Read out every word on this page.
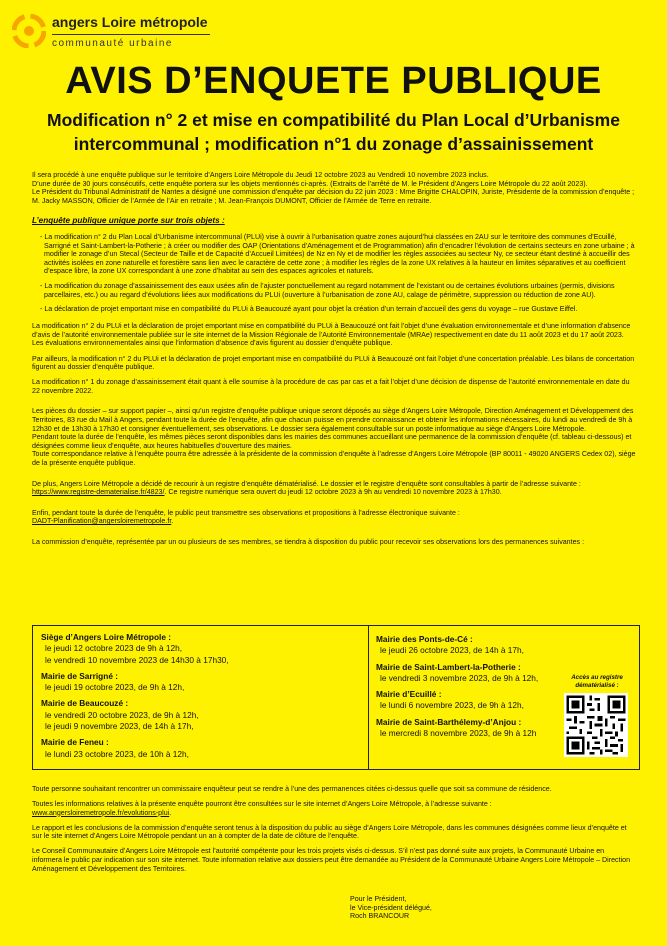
angers Loire métropole
communauté urbaine
AVIS D’ENQUETE PUBLIQUE
Modification n° 2 et mise en compatibilité du Plan Local d’Urbanisme intercommunal ; modification n°1 du zonage d’assainissement

Il sera procédé à une enquête publique sur le territoire d’Angers Loire Métropole du Jeudi 12 octobre 2023 au Vendredi 10 novembre 2023 inclus.

D’une durée de 30 jours consécutifs, cette enquête portera sur les objets mentionnés ci-après. (Extraits de l’arrêté de M. le Président d’Angers Loire Métropole du 22 août 2023).

Le Président du Tribunal Administratif de Nantes a désigné une commission d’enquête par décision du 22 juin 2023 : Mme Brigitte CHALOPIN, Juriste, Présidente de la commission d’enquête ; M. Jacky MASSON, Officier de l’Armée de l’Air en retraite ; M. Jean-François DUMONT, Officier de l’Armée de Terre en retraite.

L’enquête publique unique porte sur trois objets :

- La modification n° 2 du Plan Local d’Urbanisme intercommunal (PLUi) vise à ouvrir à l’urbanisation quatre zones aujourd’hui classées en 2AU sur le territoire des communes d’Ecuillé, Sarrigné et Saint-Lambert-la-Potherie ; à créer ou modifier des OAP (Orientations d’Aménagement et de Programmation) afin d’encadrer l’évolution de certains secteurs en zone urbaine ; à modifier le zonage d’un Stecal (Secteur de Taille et de Capacité d’Accueil Limitées) de Nz en Ny et de modifier les règles associées au secteur Ny, ce secteur étant destiné à accueillir des activités isolées en zone naturelle et forestière sans lien avec le caractère de cette zone ; à modifier les règles de la zone UX relatives à la hauteur en limites séparatives et au coefficient d’espace libre, la zone UX correspondant à une zone d’habitat au sein des espaces agricoles et naturels.
- La modification du zonage d’assainissement des eaux usées afin de l’ajuster ponctuellement au regard notamment de l’existant ou de certaines évolutions urbaines (permis, divisions parcellaires, etc.) ou au regard d’évolutions liées aux modifications du PLUi (ouverture à l’urbanisation de zone AU, calage de périmètre, suppression ou réduction de zone AU).
- La déclaration de projet emportant mise en compatibilité du PLUi à Beaucouzé ayant pour objet la création d’un terrain d’accueil des gens du voyage – rue Gustave Eiffel.

La modification n° 2 du PLUi et la déclaration de projet emportant mise en compatibilité du PLUi à Beaucouzé ont fait l’objet d’une évaluation environnementale et d’une information d’absence d’avis de l’autorité environnementale publiée sur le site internet de la Mission Régionale de l’Autorité Environnementale (MRAe) respectivement en date du 11 août 2023 et du 17 août 2023. Les évaluations environnementales ainsi que l’information d’absence d’avis figurent au dossier d’enquête publique.

Par ailleurs, la modification n° 2 du PLUi et la déclaration de projet emportant mise en compatibilité du PLUi à Beaucouzé ont fait l’objet d’une concertation préalable. Les bilans de concertation figurent au dossier d’enquête publique.

La modification n° 1 du zonage d’assainissement était quant à elle soumise à la procédure de cas par cas et a fait l’objet d’une décision de dispense de l’autorité environnementale en date du 22 novembre 2022.

Les pièces du dossier – sur support papier –, ainsi qu’un registre d’enquête publique unique seront déposés au siège d’Angers Loire Métropole, Direction Aménagement et Développement des Territoires, 83 rue du Mail à Angers, pendant toute la durée de l’enquête, afin que chacun puisse en prendre connaissance et obtenir les informations nécessaires, du lundi au vendredi de 9h à 12h30 et de 13h30 à 17h30 et consigner éventuellement, ses observations. Le dossier sera également consultable sur un poste informatique au siège d’Angers Loire Métropole.
Pendant toute la durée de l’enquête, les mêmes pièces seront disponibles dans les mairies des communes accueillant une permanence de la commission d’enquête (cf. tableau ci-dessous) et désignées comme lieux d’enquête, aux heures habituelles d’ouverture des mairies.
Toute correspondance relative à l’enquête pourra être adressée à la présidente de la commission d’enquête à l’adresse d’Angers Loire Métropole (BP 80011 - 49020 ANGERS Cedex 02), siège de la présente enquête publique.

De plus, Angers Loire Métropole a décidé de recourir à un registre d’enquête dématérialisé. Le dossier et le registre d’enquête sont consultables à partir de l’adresse suivante :
https://www.registre-dematerialise.fr/4823/. Ce registre numérique sera ouvert du jeudi 12 octobre 2023 à 9h au vendredi 10 novembre 2023 à 17h30.

Enfin, pendant toute la durée de l’enquête, le public peut transmettre ses observations et propositions à l’adresse électronique suivante :
DADT-Planification@angersloiremetropole.fr.

La commission d’enquête, représentée par un ou plusieurs de ses membres, se tiendra à disposition du public pour recevoir ses observations lors des permanences suivantes :

Siège d’Angers Loire Métropole :
le jeudi 12 octobre 2023 de 9h à 12h,
le vendredi 10 novembre 2023 de 14h30 à 17h30,
Mairie de Sarrigné :
le jeudi 19 octobre 2023, de 9h à 12h,
Mairie de Beaucouzé :
le vendredi 20 octobre 2023, de 9h à 12h,
le jeudi 9 novembre 2023, de 14h à 17h,
Mairie de Feneu :
le lundi 23 octobre 2023, de 10h à 12h,
Mairie des Ponts-de-Cé :
le jeudi 26 octobre 2023, de 14h à 17h,
Mairie de Saint-Lambert-la-Potherie :
le vendredi 3 novembre 2023, de 9h à 12h,
Mairie d’Ecuillé :
le lundi 6 novembre 2023, de 9h à 12h,
Mairie de Saint-Barthélemy-d’Anjou :
le mercredi 8 novembre 2023, de 9h à 12h
Accès au registre dématérialisé :

Toute personne souhaitant rencontrer un commissaire enquêteur peut se rendre à l’une des permanences citées ci-dessus quelle que soit sa commune de résidence.

Toutes les informations relatives à la présente enquête pourront être consultées sur le site internet d’Angers Loire Métropole, à l’adresse suivante :
www.angersloiremetropole.fr/evolutions-plui.

Le rapport et les conclusions de la commission d’enquête seront tenus à la disposition du public au siège d’Angers Loire Métropole, dans les communes désignées comme lieux d’enquête et sur le site internet d’Angers Loire Métropole pendant un an à compter de la date de clôture de l’enquête.

Le Conseil Communautaire d’Angers Loire Métropole est l’autorité compétente pour les trois projets visés ci-dessus. S’il n’est pas donné suite aux projets, la Communauté Urbaine en informera le public par indication sur son site internet. Toute information relative aux dossiers peut être demandée au Président de la Communauté Urbaine Angers Loire Métropole – Direction Aménagement et Développement des Territoires.

Pour le Président,
le Vice-président délégué,
Roch BRANCOUR
